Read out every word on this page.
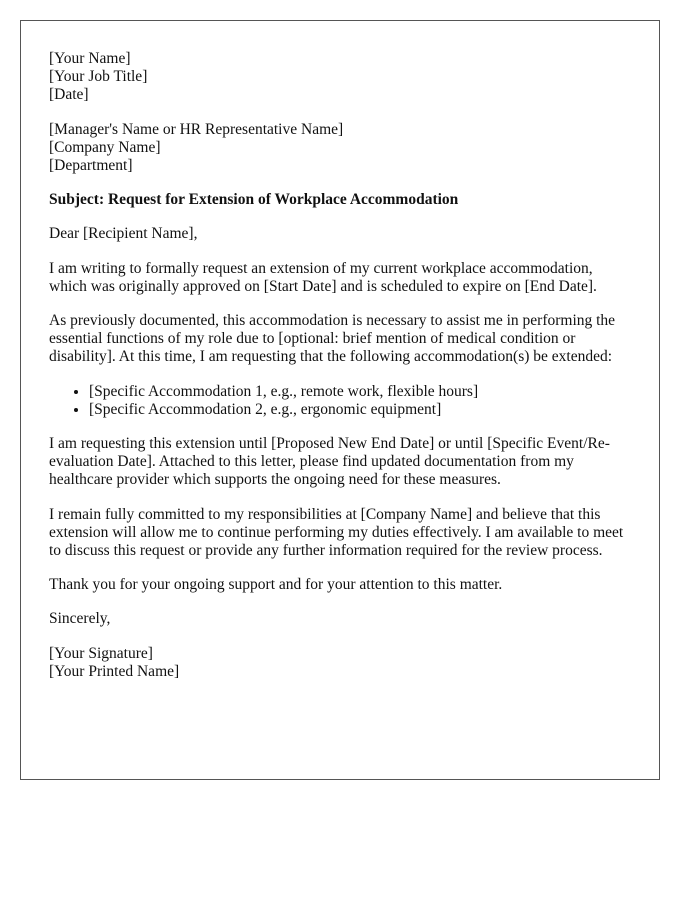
[Your Name]
[Your Job Title]
[Date]
[Manager's Name or HR Representative Name]
[Company Name]
[Department]

Subject: Request for Extension of Workplace Accommodation

Dear [Recipient Name],

I am writing to formally request an extension of my current workplace accommodation, which was originally approved on [Start Date] and is scheduled to expire on [End Date].

As previously documented, this accommodation is necessary to assist me in performing the essential functions of my role due to [optional: brief mention of medical condition or disability]. At this time, I am requesting that the following accommodation(s) be extended:

• [Specific Accommodation 1, e.g., remote work, flexible hours]
• [Specific Accommodation 2, e.g., ergonomic equipment]

I am requesting this extension until [Proposed New End Date] or until [Specific Event/Re-evaluation Date]. Attached to this letter, please find updated documentation from my healthcare provider which supports the ongoing need for these measures.

I remain fully committed to my responsibilities at [Company Name] and believe that this extension will allow me to continue performing my duties effectively. I am available to meet to discuss this request or provide any further information required for the review process.

Thank you for your ongoing support and for your attention to this matter.

Sincerely,

[Your Signature]
[Your Printed Name]
